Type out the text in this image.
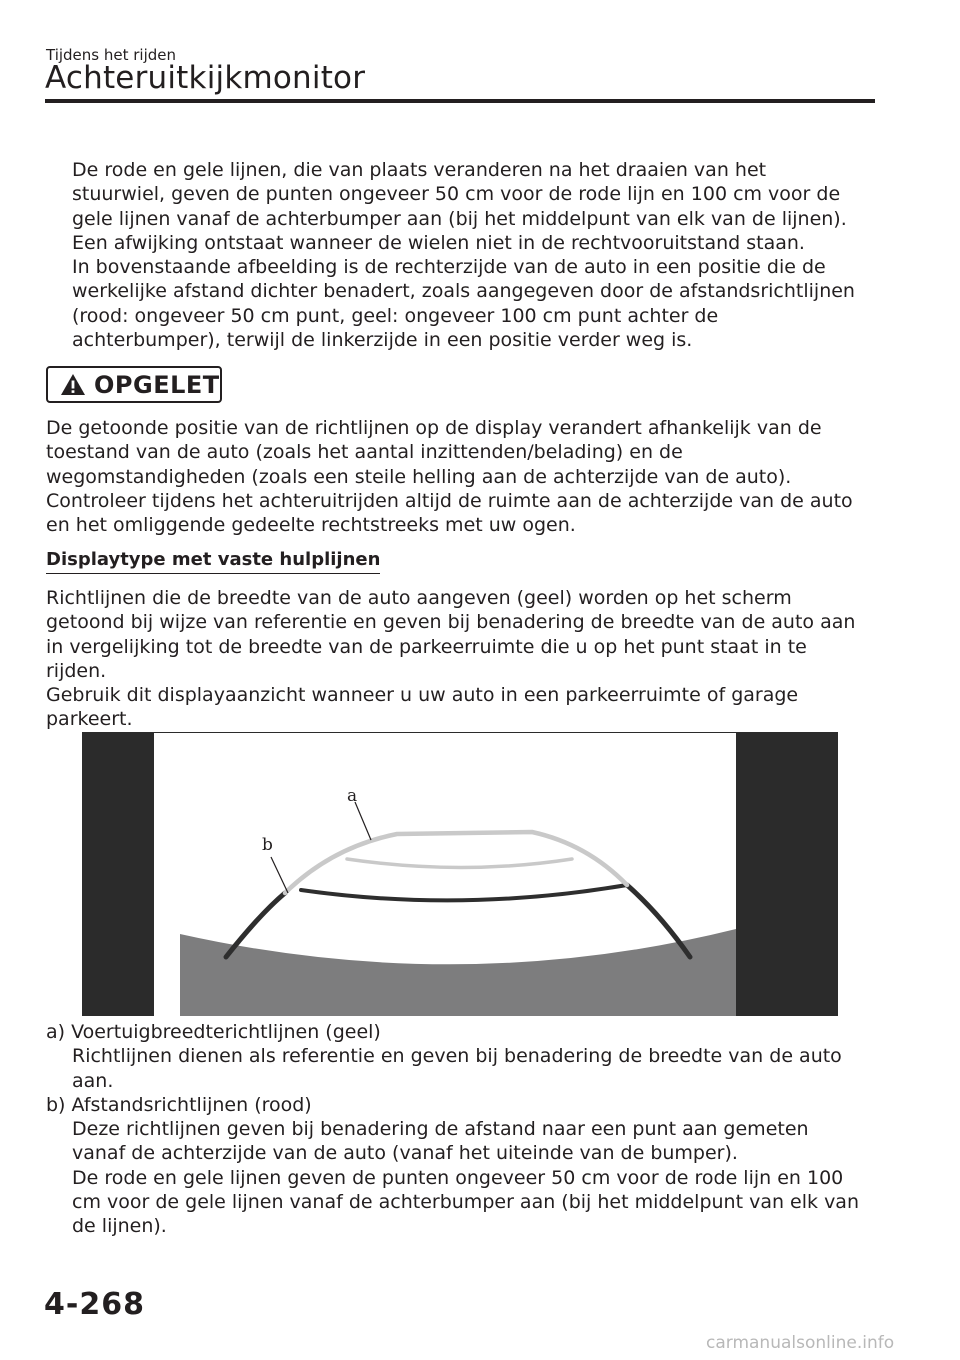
Tijdens het rijden
Achteruitkijkmonitor
De rode en gele lijnen, die van plaats veranderen na het draaien van het
stuurwiel, geven de punten ongeveer 50 cm voor de rode lijn en 100 cm voor de
gele lijnen vanaf de achterbumper aan (bij het middelpunt van elk van de lijnen).
Een afwijking ontstaat wanneer de wielen niet in de rechtvooruitstand staan.
In bovenstaande afbeelding is de rechterzijde van de auto in een positie die de
werkelijke afstand dichter benadert, zoals aangegeven door de afstandsrichtlijnen
(rood: ongeveer 50 cm punt, geel: ongeveer 100 cm punt achter de
achterbumper), terwijl de linkerzijde in een positie verder weg is.
OPGELET
De getoonde positie van de richtlijnen op de display verandert afhankelijk van de
toestand van de auto (zoals het aantal inzittenden/belading) en de
wegomstandigheden (zoals een steile helling aan de achterzijde van de auto).
Controleer tijdens het achteruitrijden altijd de ruimte aan de achterzijde van de auto
en het omliggende gedeelte rechtstreeks met uw ogen.
Displaytype met vaste hulplijnen
Richtlijnen die de breedte van de auto aangeven (geel) worden op het scherm
getoond bij wijze van referentie en geven bij benadering de breedte van de auto aan
in vergelijking tot de breedte van de parkeerruimte die u op het punt staat in te
rijden.
Gebruik dit displayaanzicht wanneer u uw auto in een parkeerruimte of garage
parkeert.
a
b
a) Voertuigbreedterichtlijnen (geel)
Richtlijnen dienen als referentie en geven bij benadering de breedte van de auto
aan.
b) Afstandsrichtlijnen (rood)
Deze richtlijnen geven bij benadering de afstand naar een punt aan gemeten
vanaf de achterzijde van de auto (vanaf het uiteinde van de bumper).
De rode en gele lijnen geven de punten ongeveer 50 cm voor de rode lijn en 100
cm voor de gele lijnen vanaf de achterbumper aan (bij het middelpunt van elk van
de lijnen).
4-268
carmanualsonline.info
